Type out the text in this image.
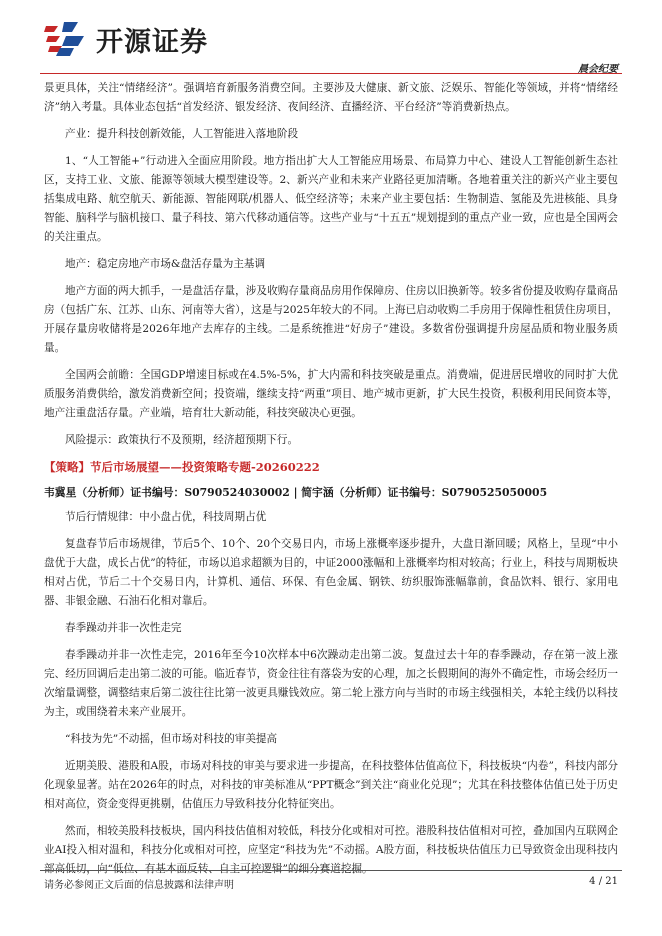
开源证券
晨会纪要

景更具体，关注“情绪经济”。强调培育新服务消费空间。主要涉及大健康、新文旅、泛娱乐、智能化等领域，并将“情绪经济”纳入考量。具体业态包括“首发经济、银发经济、夜间经济、直播经济、平台经济”等消费新热点。

产业：提升科技创新效能，人工智能进入落地阶段

1、“人工智能+”行动进入全面应用阶段。地方指出扩大人工智能应用场景、布局算力中心、建设人工智能创新生态社区，支持工业、文旅、能源等领域大模型建设等。2、新兴产业和未来产业路径更加清晰。各地着重关注的新兴产业主要包括集成电路、航空航天、新能源、智能网联/机器人、低空经济等；未来产业主要包括：生物制造、氢能及先进核能、具身智能、脑科学与脑机接口、量子科技、第六代移动通信等。这些产业与“十五五”规划提到的重点产业一致，应也是全国两会的关注重点。

地产：稳定房地产市场&盘活存量为主基调

地产方面的两大抓手，一是盘活存量，涉及收购存量商品房用作保障房、住房以旧换新等。较多省份提及收购存量商品房（包括广东、江苏、山东、河南等大省），这是与2025年较大的不同。上海已启动收购二手房用于保障性租赁住房项目，开展存量房收储将是2026年地产去库存的主线。二是系统推进“好房子”建设。多数省份强调提升房屋品质和物业服务质量。

全国两会前瞻：全国GDP增速目标或在4.5%-5%，扩大内需和科技突破是重点。消费端，促进居民增收的同时扩大优质服务消费供给，激发消费新空间；投资端，继续支持“两重”项目、地产城市更新，扩大民生投资，积极利用民间资本等，地产注重盘活存量。产业端，培育壮大新动能，科技突破决心更强。

风险提示：政策执行不及预期，经济超预期下行。

【策略】节后市场展望——投资策略专题-20260222

韦冀星（分析师）证书编号：S0790524030002 | 简宇涵（分析师）证书编号：S0790525050005

节后行情规律：中小盘占优，科技周期占优

复盘春节后市场规律，节后5个、10个、20个交易日内，市场上涨概率逐步提升，大盘日渐回暖；风格上，呈现“中小盘优于大盘，成长占优”的特征，市场以追求超额为目的，中证2000涨幅和上涨概率均相对较高；行业上，科技与周期板块相对占优，节后二十个交易日内，计算机、通信、环保、有色金属、钢铁、纺织服饰涨幅靠前，食品饮料、银行、家用电器、非银金融、石油石化相对靠后。

春季躁动并非一次性走完

春季躁动并非一次性走完，2016年至今10次样本中6次躁动走出第二波。复盘过去十年的春季躁动，存在第一波上涨完、经历回调后走出第二波的可能。临近春节，资金往往有落袋为安的心理，加之长假期间的海外不确定性，市场会经历一次缩量调整，调整结束后第二波往往比第一波更具赚钱效应。第二轮上涨方向与当时的市场主线强相关，本轮主线仍以科技为主，或围绕着未来产业展开。

“科技为先”不动摇，但市场对科技的审美提高

近期美股、港股和A股，市场对科技的审美与要求进一步提高，在科技整体估值高位下，科技板块“内卷”，科技内部分化现象显著。站在2026年的时点，对科技的审美标准从“PPT概念”到关注“商业化兑现”；尤其在科技整体估值已处于历史相对高位，资金变得更挑剔，估值压力导致科技分化特征突出。

然而，相较美股科技板块，国内科技估值相对较低，科技分化或相对可控。港股科技估值相对可控，叠加国内互联网企业AI投入相对温和，科技分化或相对可控，应坚定“科技为先”不动摇。A股方面，科技板块估值压力已导致资金出现科技内部高低切，向“低位、有基本面反转、自主可控逻辑”的细分赛道挖掘。

请务必参阅正文后面的信息披露和法律声明	4 / 21
